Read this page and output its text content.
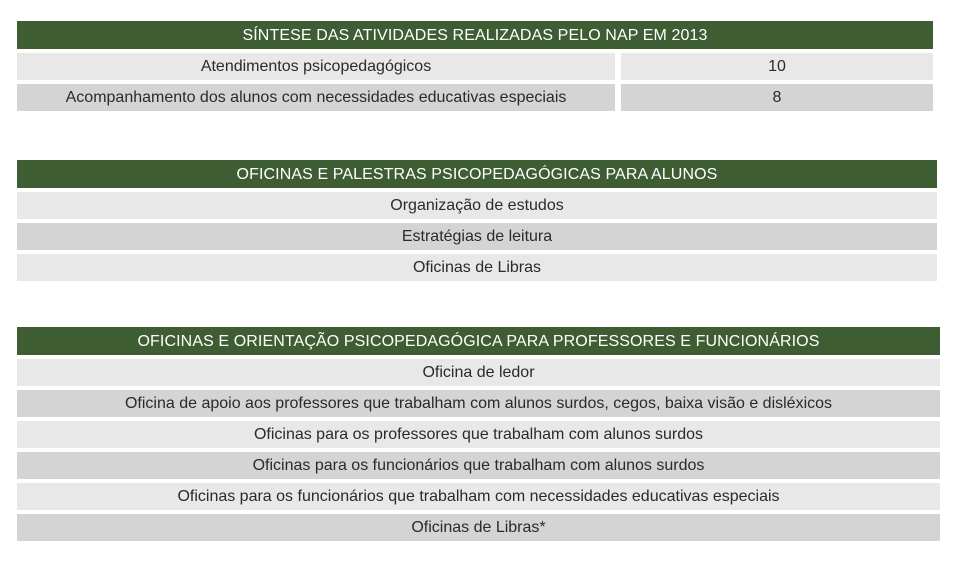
SÍNTESE DAS ATIVIDADES REALIZADAS PELO NAP EM 2013
Atendimentos psicopedagógicos	10
Acompanhamento dos alunos com necessidades educativas especiais	8
OFICINAS E PALESTRAS PSICOPEDAGÓGICAS PARA ALUNOS
Organização de estudos
Estratégias de leitura
Oficinas de Libras
OFICINAS E ORIENTAÇÃO PSICOPEDAGÓGICA PARA PROFESSORES E FUNCIONÁRIOS
Oficina de ledor
Oficina de apoio aos professores que trabalham com alunos surdos, cegos, baixa visão e disléxicos
Oficinas para os professores que trabalham com alunos surdos
Oficinas para os funcionários que trabalham com alunos surdos
Oficinas para os funcionários que trabalham com necessidades educativas especiais
Oficinas de Libras*
